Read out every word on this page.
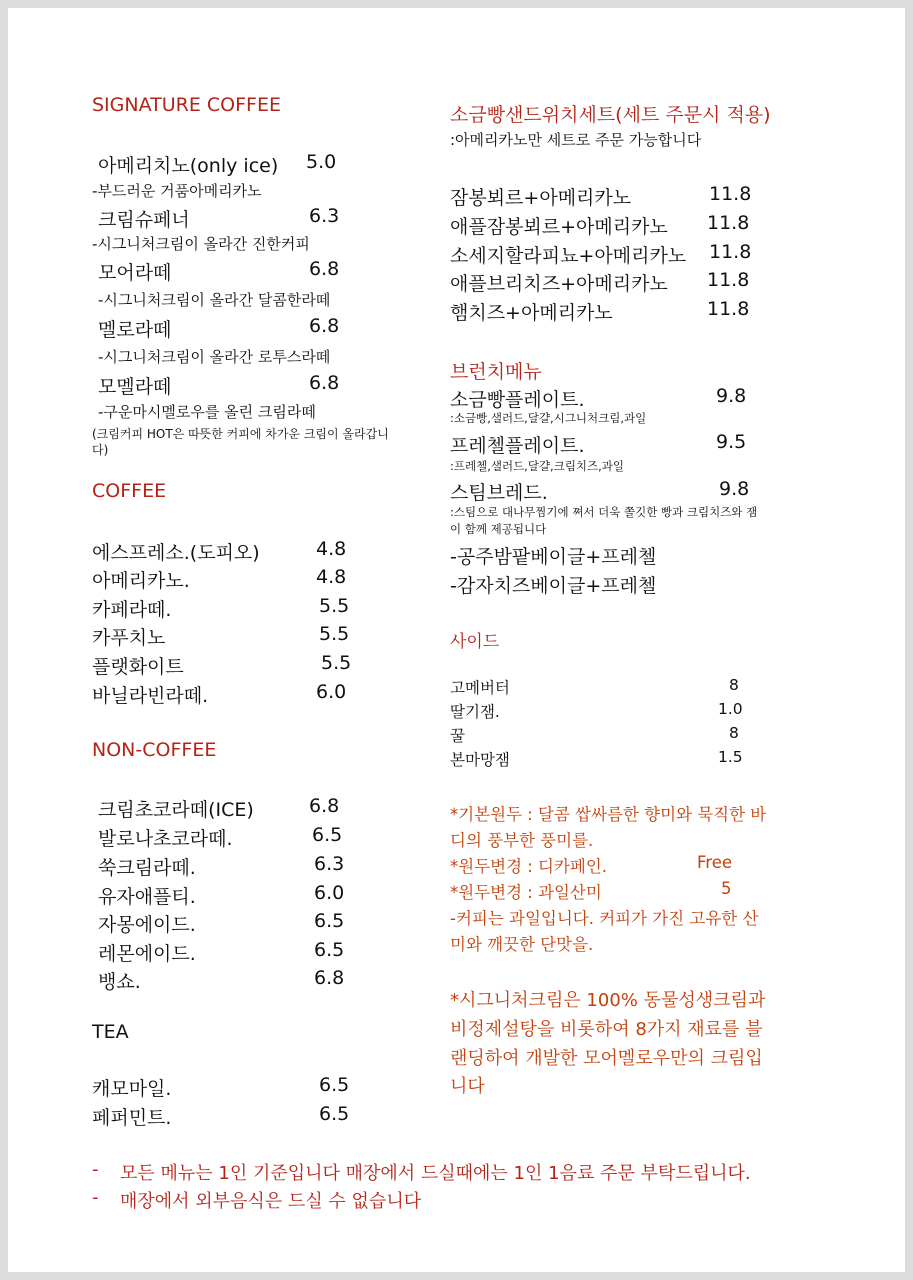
SIGNATURE COFFEE
아메리치노(only ice) 5.0
-부드러운 거품아메리카노
크림슈페너	6.3
-시그니처크림이 올라간 진한커피
모어라떼	6.8
-시그니처크림이 올라간 달콤한라떼
멜로라떼	6.8
-시그니처크림이 올라간 로투스라떼
모멜라떼	6.8
-구운마시멜로우를 올린 크림라떼
(크림커피 HOT은 따뜻한 커피에 차가운 크림이 올라갑니
다)
COFFEE
에스프레소.(도피오)	4.8
아메리카노.	4.8
카페라떼.	5.5
카푸치노	5.5
플랫화이트	5.5
바닐라빈라떼.	6.0
NON-COFFEE
크림초코라떼(ICE)	6.8
발로나초코라떼.	6.5
쑥크림라떼.	6.3
유자애플티.	6.0
자몽에이드.	6.5
레몬에이드.	6.5
뱅쇼.	6.8
TEA
캐모마일.	6.5
페퍼민트.	6.5
소금빵샌드위치세트(세트 주문시 적용)
:아메리카노만 세트로 주문 가능합니다
잠봉뵈르+아메리카노	11.8
애플잠봉뵈르+아메리카노 11.8
소세지할라피뇨+아메리카노 11.8
애플브리치즈+아메리카노 11.8
햄치즈+아메리카노	11.8
브런치메뉴
소금빵플레이트.	9.8
:소금빵,샐러드,달걀,시그니처크림,과일
프레첼플레이트.	9.5
:프레첼,샐러드,달걀,크림치즈,과일
스팀브레드.	9.8
:스팀으로 대나무찜기에 쪄서 더욱 쫄깃한 빵과 크림치즈와 잼
이 함께 제공됩니다
-공주밤팥베이글+프레첼
-감자치즈베이글+프레첼
사이드
고메버터	8
딸기잼.	1.0
꿀	8
본마망잼	1.5
*기본원두 : 달콤 쌉싸름한 향미와 묵직한 바
디의 풍부한 풍미를.
*원두변경 : 디카페인.	Free
*원두변경 : 과일산미	5
-커피는 과일입니다. 커피가 가진 고유한 산
미와 깨끗한 단맛을.
*시그니처크림은 100% 동물성생크림과
비정제설탕을 비롯하여 8가지 재료를 블
랜딩하여 개발한 모어멜로우만의 크림입
니다
- 모든 메뉴는 1인 기준입니다 매장에서 드실때에는 1인 1음료 주문 부탁드립니다.
- 매장에서 외부음식은 드실 수 없습니다
